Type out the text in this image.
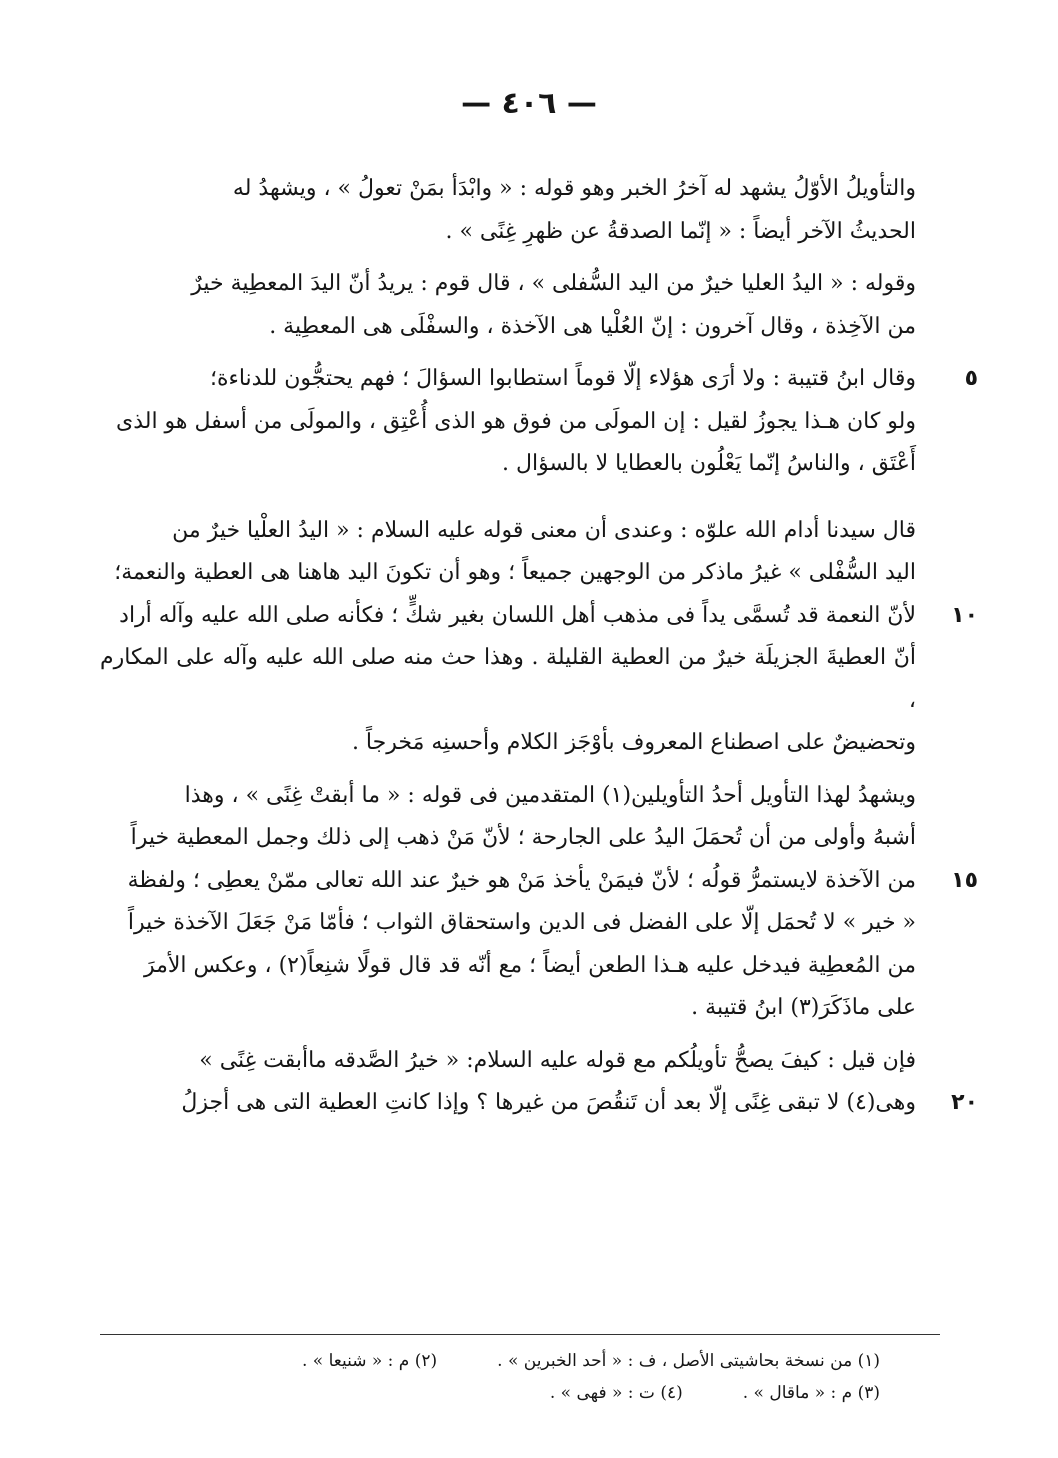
— ٤٠٦ —
والتأويلُ الأوّلُ يشهد له آخرُ الخبر وهو قوله : « وابْدَأ بمَنْ تعولُ » ، ويشهدُ له
الحديثُ الآخر أيضاً : « إنّما الصدقةُ عن ظهرِ غِنًى » .
وقوله : « اليدُ العليا خيرٌ من اليد السُّفلى » ، قال قوم : يريدُ أنّ اليدَ المعطِية خيرٌ
من الآخِذة ، وقال آخرون : إنّ العُلْيا هى الآخذة ، والسفْلَى هى المعطِية .
وقال ابنُ قتيبة : ولا أرَى هؤلاء إلّا قوماً استطابوا السؤالَ ؛ فهم يحتجُّون للدناءة؛ ٥
ولو كان هـذا يجوزُ لقيل : إن المولَى من فوق هو الذى أُعْتِق ، والمولَى من أسفل هو الذى
أَعْتَق ، والناسُ إنّما يَعْلُون بالعطايا لا بالسؤال .
قال سيدنا أدام الله علوّه : وعندى أن معنى قوله عليه السلام : « اليدُ العلْيا خيرٌ من
اليد السُّفْلى » غيرُ ماذكر من الوجهين جميعاً ؛ وهو أن تكونَ اليد هاهنا هى العطية والنعمة؛
لأنّ النعمة قد تُسمَّى يداً فى مذهب أهل اللسان بغير شكٍّ ؛ فكأنه صلى الله عليه وآله أراد ١٠
أنّ العطيةَ الجزيلَة خيرٌ من العطية القليلة . وهذا حث منه صلى الله عليه وآله على المكارم ،
وتحضيضٌ على اصطناع المعروف بأوْجَز الكلام وأحسنِه مَخرجاً .
ويشهدُ لهذا التأويل أحدُ التأويلين(١) المتقدمين فى قوله : « ما أبقتْ غِنًى » ، وهذا
أشبهُ وأولى من أن تُحمَلَ اليدُ على الجارحة ؛ لأنّ مَنْ ذهب إلى ذلك وجمل المعطية خيراً
من الآخذة لايستمرُّ قولُه ؛ لأنّ فيمَنْ يأخذ مَنْ هو خيرٌ عند الله تعالى ممّنْ يعطِى ؛ ولفظة ١٥
« خير » لا تُحمَل إلّا على الفضل فى الدين واستحقاق الثواب ؛ فأمّا مَنْ جَعَلَ الآخذة خيراً
من المُعطِية فيدخل عليه هـذا الطعن أيضاً ؛ مع أنّه قد قال قولًا شنِعاً(٢) ، وعكس الأمرَ
على ماذَكَرَ(٣) ابنُ قتيبة .
فإن قيل : كيفَ يصحُّ تأويلُكم مع قوله عليه السلام: « خيرُ الصَّدقه ماأبقت غِنًى »
وهى(٤) لا تبقى غِنًى إلّا بعد أن تَنقُصَ من غيرها ؟ وإذا كانتِ العطية التى هى أجزلُ ٢٠
(١) من نسخة بحاشيتى الأصل ، ف : « أحد الخبرين » .
(٢) م : « شنيعا » .
(٣) م : « ماقال » .
(٤) ت : « فهى » .
